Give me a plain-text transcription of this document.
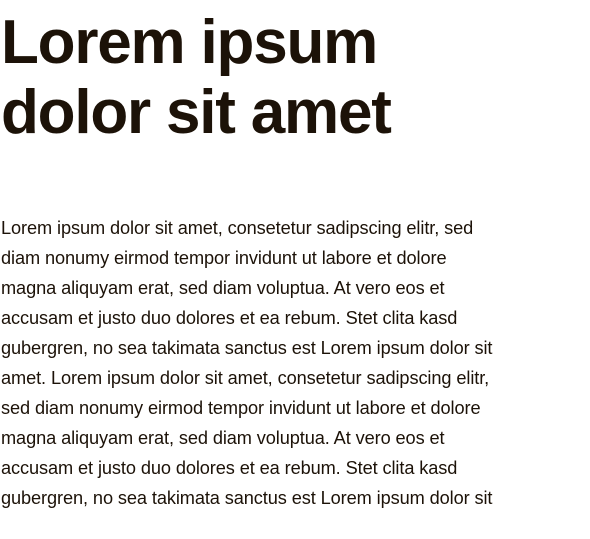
Lorem ipsum
dolor sit amet

Lorem ipsum dolor sit amet, consetetur sadipscing elitr, sed
diam nonumy eirmod tempor invidunt ut labore et dolore
magna aliquyam erat, sed diam voluptua. At vero eos et
accusam et justo duo dolores et ea rebum. Stet clita kasd
gubergren, no sea takimata sanctus est Lorem ipsum dolor sit
amet. Lorem ipsum dolor sit amet, consetetur sadipscing elitr,
sed diam nonumy eirmod tempor invidunt ut labore et dolore
magna aliquyam erat, sed diam voluptua. At vero eos et
accusam et justo duo dolores et ea rebum. Stet clita kasd
gubergren, no sea takimata sanctus est Lorem ipsum dolor sit
